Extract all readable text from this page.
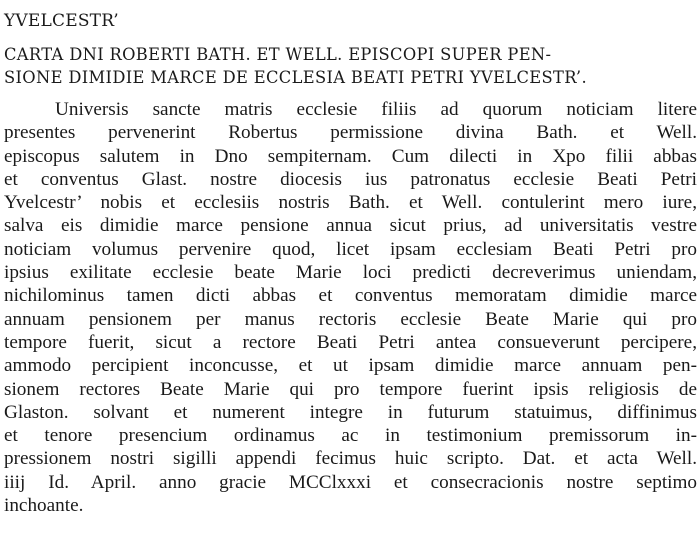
YVELCESTR’
CARTA DNI ROBERTI BATH. ET WELL. EPISCOPI SUPER PEN-
SIONE DIMIDIE MARCE DE ECCLESIA BEATI PETRI YVELCESTR’.
Universis sancte matris ecclesie filiis ad quorum noticiam litere
presentes pervenerint Robertus permissione divina Bath. et Well.
episcopus salutem in Dno sempiternam. Cum dilecti in Xpo filii abbas
et conventus Glast. nostre diocesis ius patronatus ecclesie Beati Petri
Yvelcestr’ nobis et ecclesiis nostris Bath. et Well. contulerint mero iure,
salva eis dimidie marce pensione annua sicut prius, ad universitatis vestre
noticiam volumus pervenire quod, licet ipsam ecclesiam Beati Petri pro
ipsius exilitate ecclesie beate Marie loci predicti decreverimus uniendam,
nichilominus tamen dicti abbas et conventus memoratam dimidie marce
annuam pensionem per manus rectoris ecclesie Beate Marie qui pro
tempore fuerit, sicut a rectore Beati Petri antea consueverunt percipere,
ammodo percipient inconcusse, et ut ipsam dimidie marce annuam pen-
sionem rectores Beate Marie qui pro tempore fuerint ipsis religiosis de
Glaston. solvant et numerent integre in futurum statuimus, diffinimus
et tenore presencium ordinamus ac in testimonium premissorum in-
pressionem nostri sigilli appendi fecimus huic scripto. Dat. et acta Well.
iiij Id. April. anno gracie MCClxxxi et consecracionis nostre septimo
inchoante.
